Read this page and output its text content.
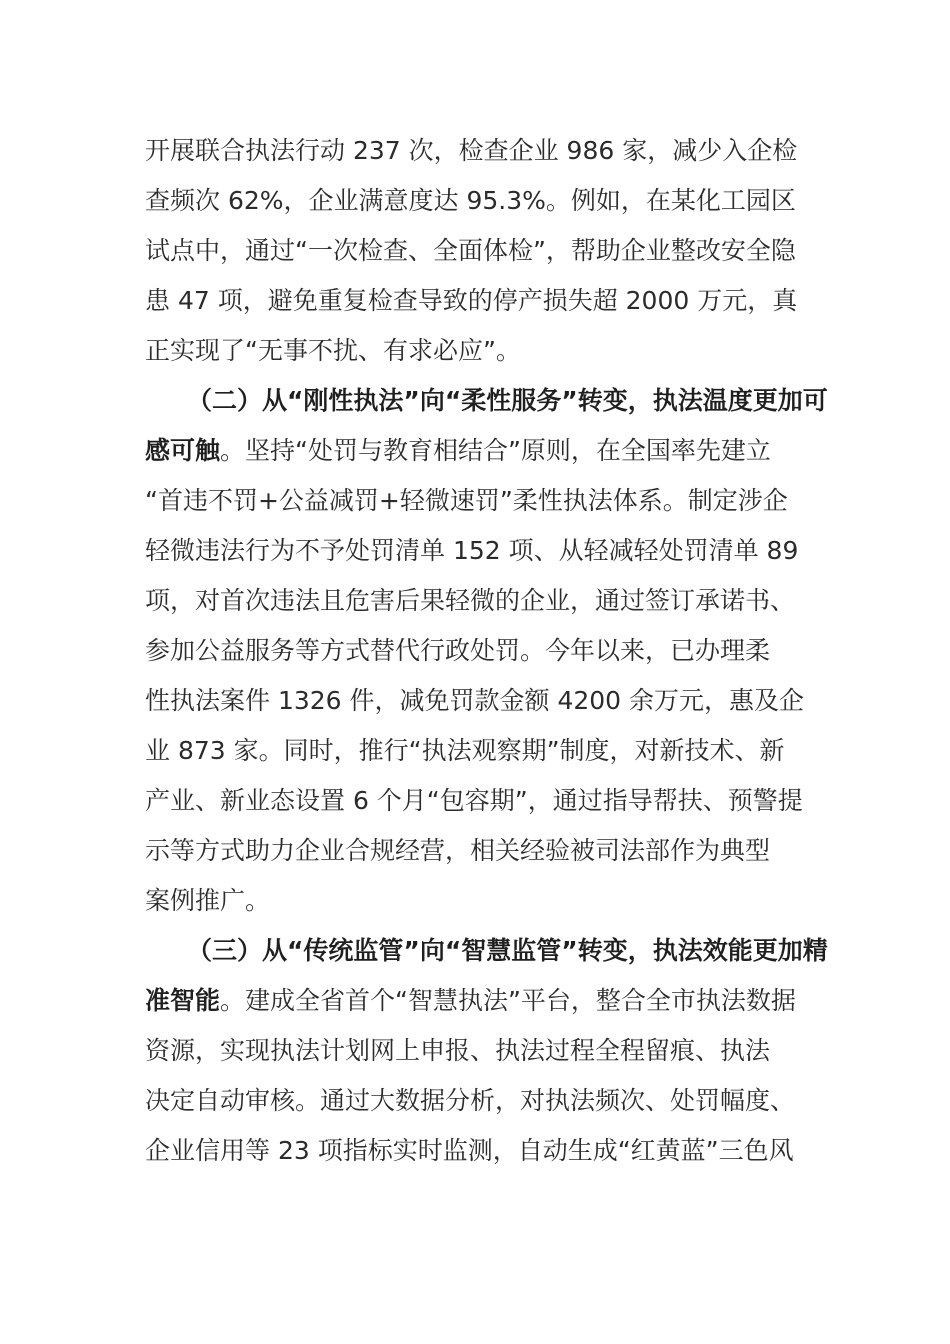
开展联合执法行动 237 次，检查企业 986 家，减少入企检
查频次 62%，企业满意度达 95.3%。例如，在某化工园区
试点中，通过“一次检查、全面体检”，帮助企业整改安全隐
患 47 项，避免重复检查导致的停产损失超 2000 万元，真
正实现了“无事不扰、有求必应”。
（二）从“刚性执法”向“柔性服务”转变，执法温度更加可
感可触。坚持“处罚与教育相结合”原则，在全国率先建立
“首违不罚+公益减罚+轻微速罚”柔性执法体系。制定涉企
轻微违法行为不予处罚清单 152 项、从轻减轻处罚清单 89
项，对首次违法且危害后果轻微的企业，通过签订承诺书、
参加公益服务等方式替代行政处罚。今年以来，已办理柔
性执法案件 1326 件，减免罚款金额 4200 余万元，惠及企
业 873 家。同时，推行“执法观察期”制度，对新技术、新
产业、新业态设置 6 个月“包容期”，通过指导帮扶、预警提
示等方式助力企业合规经营，相关经验被司法部作为典型
案例推广。
（三）从“传统监管”向“智慧监管”转变，执法效能更加精
准智能。建成全省首个“智慧执法”平台，整合全市执法数据
资源，实现执法计划网上申报、执法过程全程留痕、执法
决定自动审核。通过大数据分析，对执法频次、处罚幅度、
企业信用等 23 项指标实时监测，自动生成“红黄蓝”三色风
